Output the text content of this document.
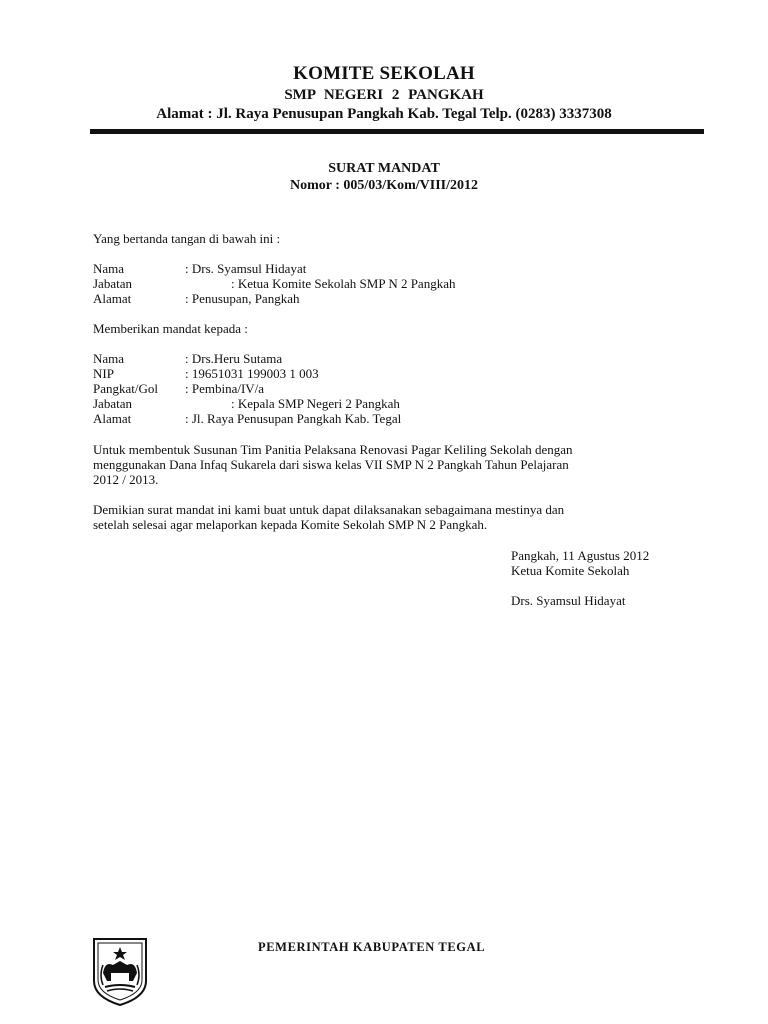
KOMITE SEKOLAH
SMP NEGERI 2 PANGKAH
Alamat : Jl. Raya Penusupan Pangkah Kab. Tegal Telp. (0283) 3337308
SURAT MANDAT
Nomor : 005/03/Kom/VIII/2012
Yang bertanda tangan di bawah ini :
Nama	: Drs. Syamsul Hidayat
Jabatan	: Ketua Komite Sekolah SMP N 2 Pangkah
Alamat	: Penusupan, Pangkah
Memberikan mandat kepada :
Nama	: Drs.Heru Sutama
NIP	: 19651031 199003 1 003
Pangkat/Gol : Pembina/IV/a
Jabatan	: Kepala SMP Negeri 2 Pangkah
Alamat	: Jl. Raya Penusupan Pangkah Kab. Tegal
Untuk membentuk Susunan Tim Panitia Pelaksana Renovasi Pagar Keliling Sekolah dengan
menggunakan Dana Infaq Sukarela dari siswa kelas VII SMP N 2 Pangkah Tahun Pelajaran
2012 / 2013.
Demikian surat mandat ini kami buat untuk dapat dilaksanakan sebagaimana mestinya dan
setelah selesai agar melaporkan kepada Komite Sekolah SMP N 2 Pangkah.
Pangkah, 11 Agustus 2012
Ketua Komite Sekolah
Drs. Syamsul Hidayat
PEMERINTAH KABUPATEN TEGAL
